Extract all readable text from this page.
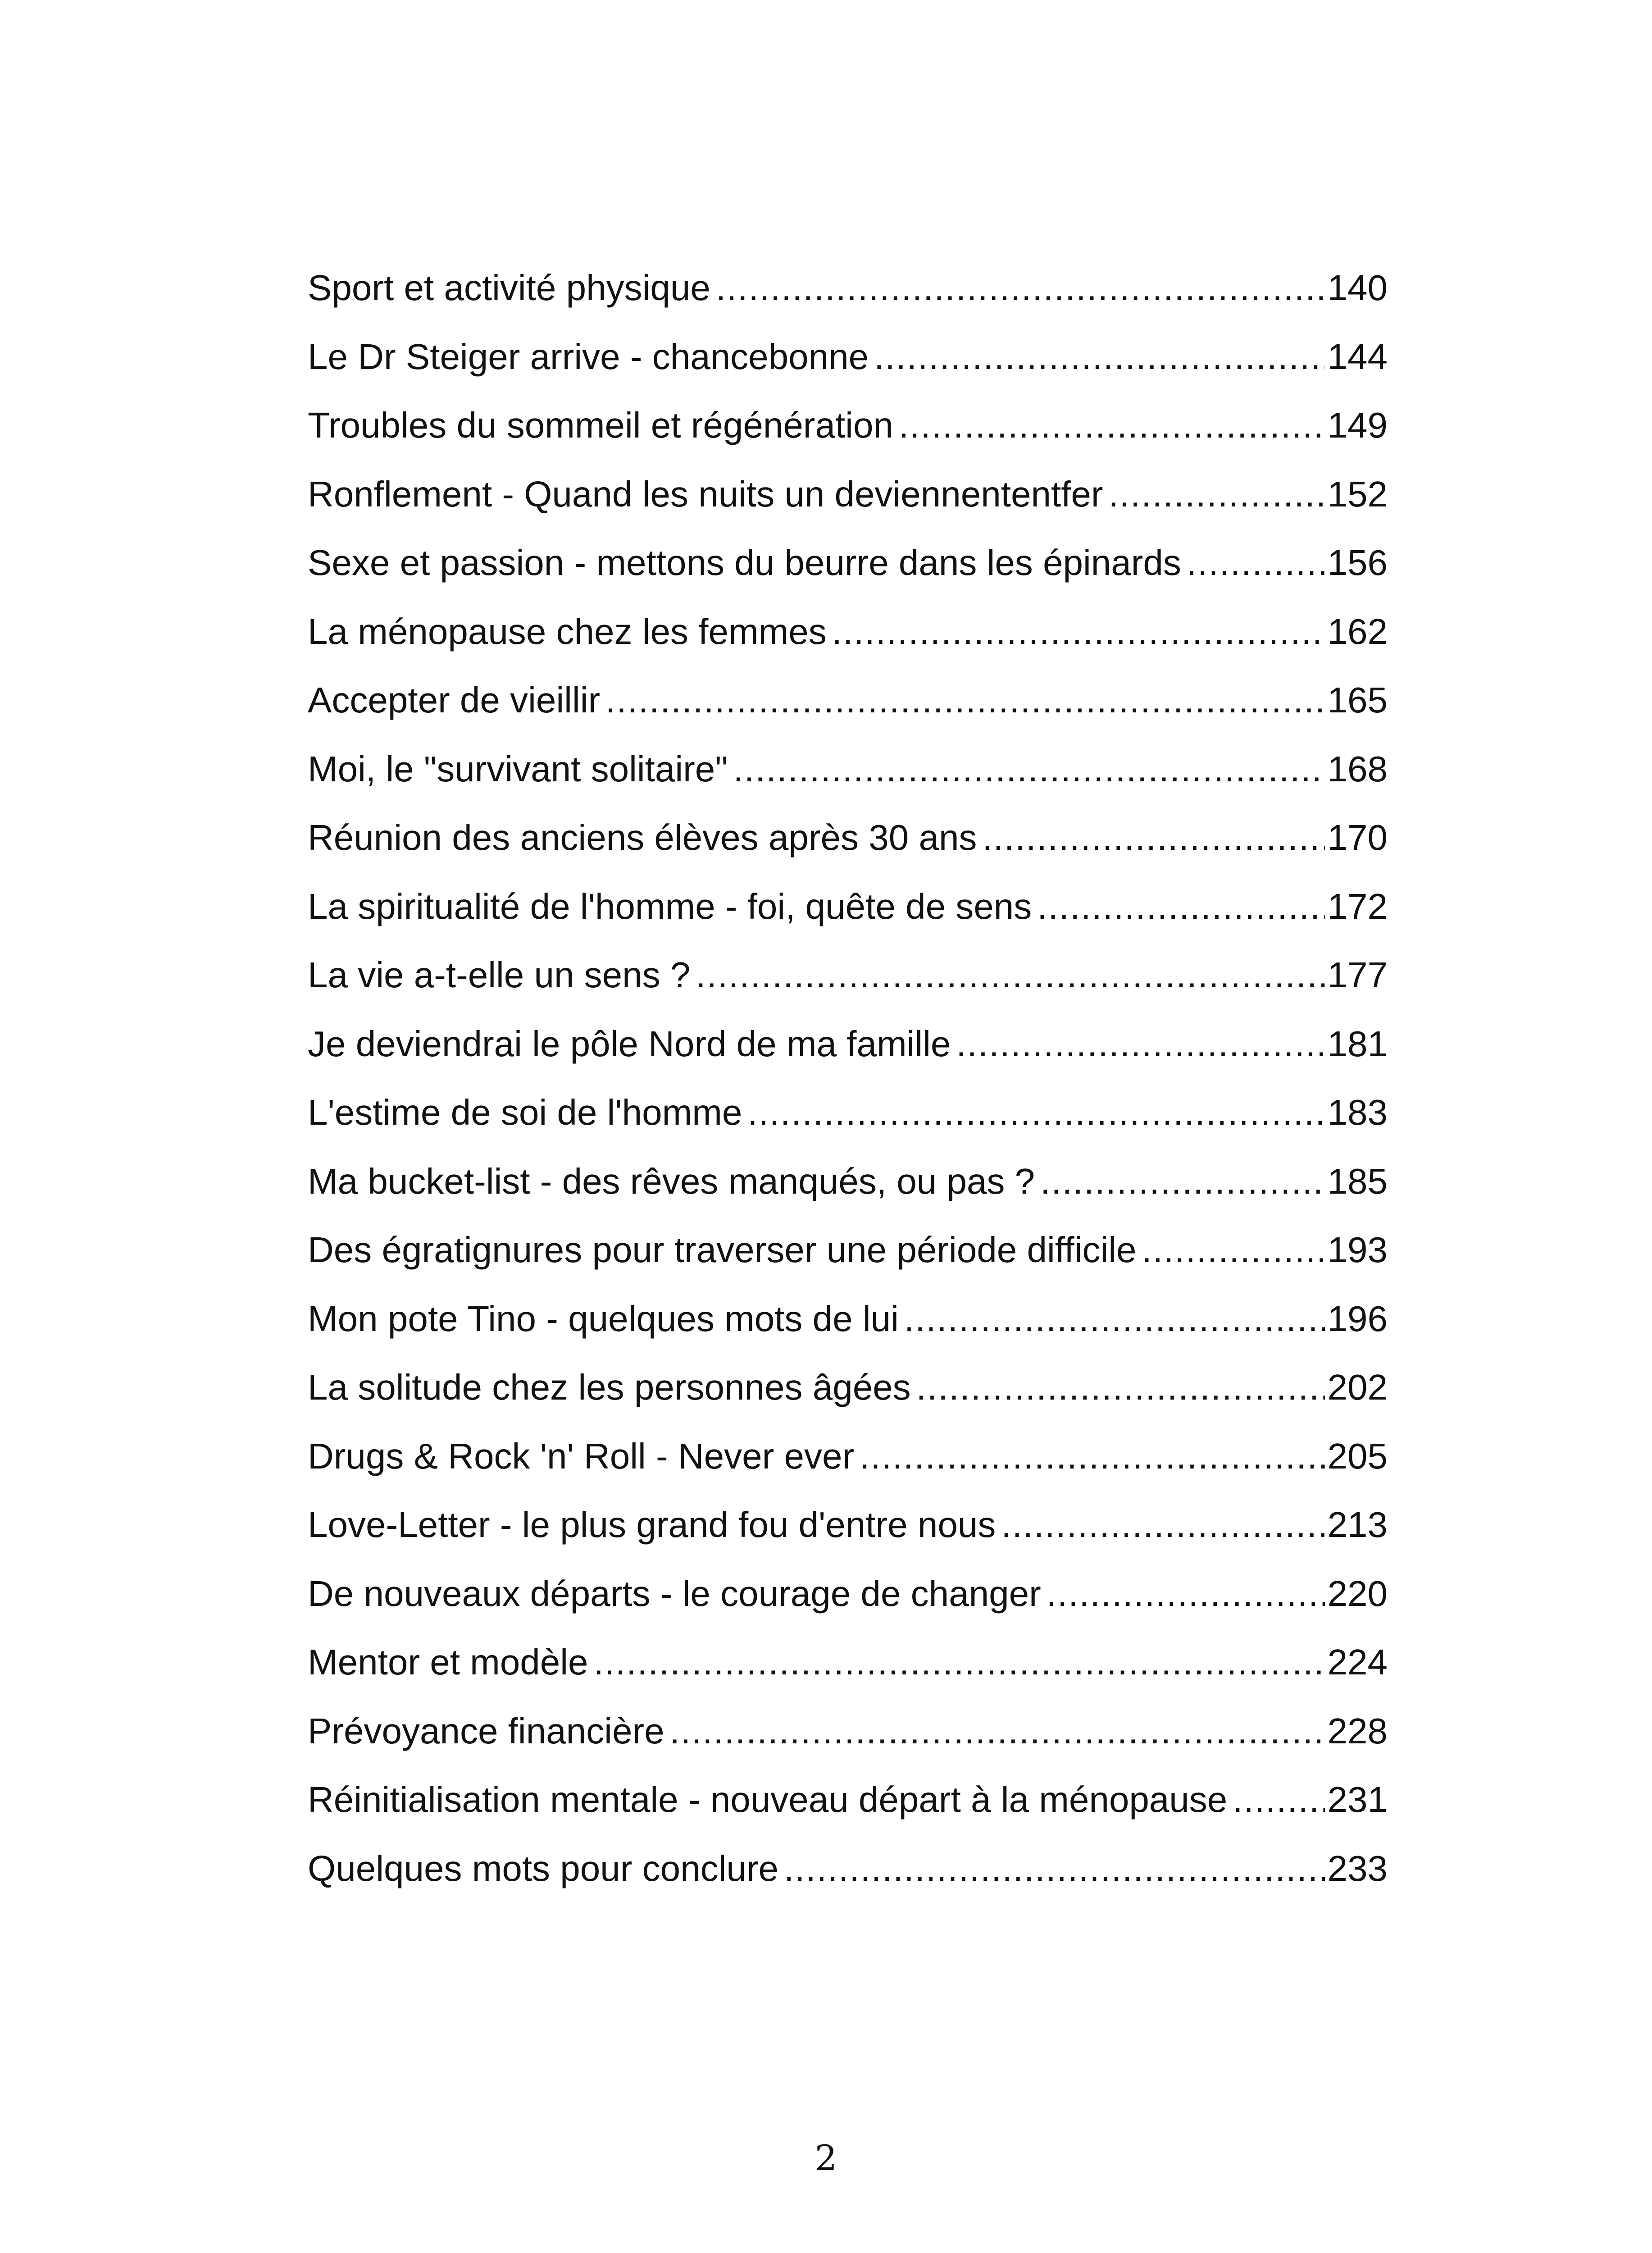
Sport et activité physique .....	140
Le Dr Steiger arrive - chancebonne .....	144
Troubles du sommeil et régénération .....	149
Ronflement - Quand les nuits un deviennententfer .....	152
Sexe et passion - mettons du beurre dans les épinards .....	156
La ménopause chez les femmes .....	162
Accepter de vieillir .....	165
Moi, le "survivant solitaire" .....	168
Réunion des anciens élèves après 30 ans .....	170
La spiritualité de l'homme - foi, quête de sens .....	172
La vie a-t-elle un sens ? .....	177
Je deviendrai le pôle Nord de ma famille .....	181
L'estime de soi de l'homme .....	183
Ma bucket-list - des rêves manqués, ou pas ? .....	185
Des égratignures pour traverser une période difficile .....	193
Mon pote Tino - quelques mots de lui .....	196
La solitude chez les personnes âgées .....	202
Drugs & Rock 'n' Roll - Never ever .....	205
Love-Letter - le plus grand fou d'entre nous .....	213
De nouveaux départs - le courage de changer .....	220
Mentor et modèle .....	224
Prévoyance financière .....	228
Réinitialisation mentale - nouveau départ à la ménopause .....	231
Quelques mots pour conclure .....	233
2
